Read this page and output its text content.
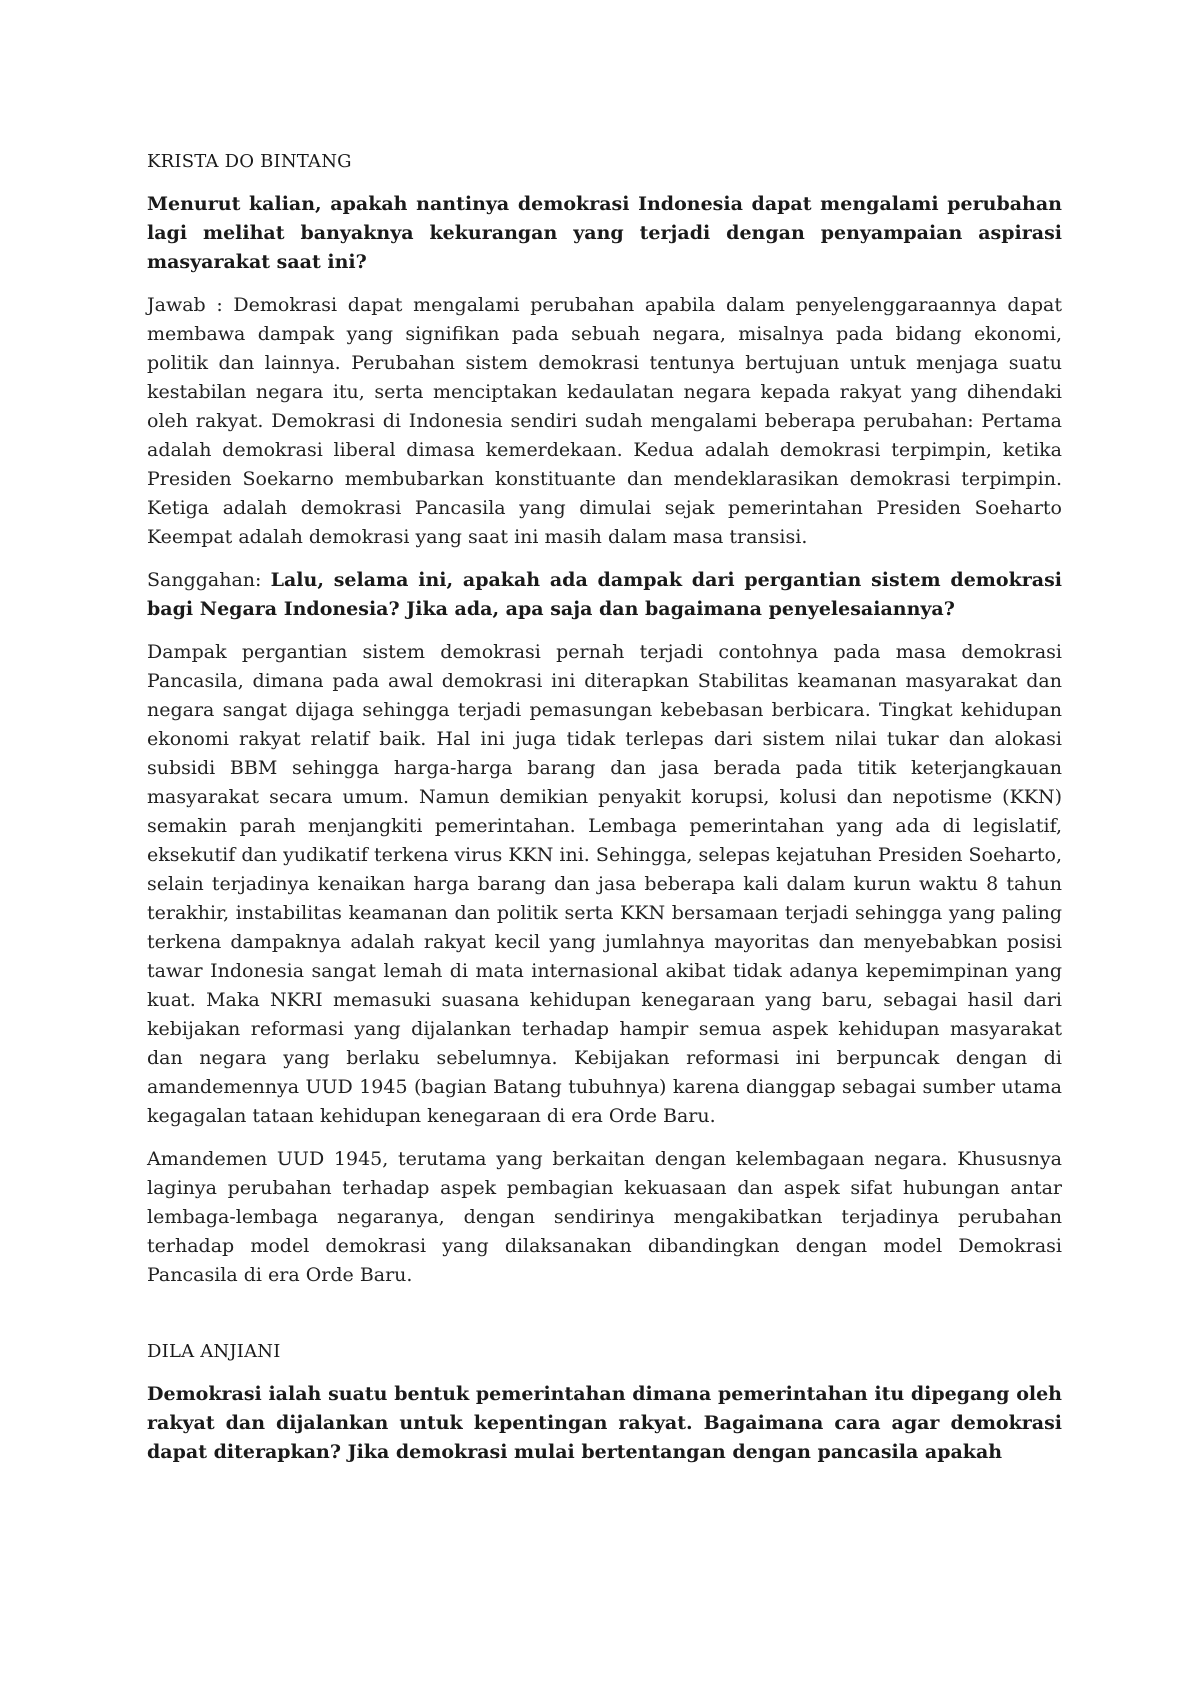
KRISTA DO BINTANG

Menurut kalian, apakah nantinya demokrasi Indonesia dapat mengalami perubahan lagi melihat banyaknya kekurangan yang terjadi dengan penyampaian aspirasi masyarakat saat ini?

Jawab : Demokrasi dapat mengalami perubahan apabila dalam penyelenggaraannya dapat membawa dampak yang signifikan pada sebuah negara, misalnya pada bidang ekonomi, politik dan lainnya. Perubahan sistem demokrasi tentunya bertujuan untuk menjaga suatu kestabilan negara itu, serta menciptakan kedaulatan negara kepada rakyat yang dihendaki oleh rakyat. Demokrasi di Indonesia sendiri sudah mengalami beberapa perubahan: Pertama adalah demokrasi liberal dimasa kemerdekaan. Kedua adalah demokrasi terpimpin, ketika Presiden Soekarno membubarkan konstituante dan mendeklarasikan demokrasi terpimpin. Ketiga adalah demokrasi Pancasila yang dimulai sejak pemerintahan Presiden Soeharto Keempat adalah demokrasi yang saat ini masih dalam masa transisi.

Sanggahan: Lalu, selama ini, apakah ada dampak dari pergantian sistem demokrasi bagi Negara Indonesia? Jika ada, apa saja dan bagaimana penyelesaiannya?

Dampak pergantian sistem demokrasi pernah terjadi contohnya pada masa demokrasi Pancasila, dimana pada awal demokrasi ini diterapkan Stabilitas keamanan masyarakat dan negara sangat dijaga sehingga terjadi pemasungan kebebasan berbicara. Tingkat kehidupan ekonomi rakyat relatif baik. Hal ini juga tidak terlepas dari sistem nilai tukar dan alokasi subsidi BBM sehingga harga-harga barang dan jasa berada pada titik keterjangkauan masyarakat secara umum. Namun demikian penyakit korupsi, kolusi dan nepotisme (KKN) semakin parah menjangkiti pemerintahan. Lembaga pemerintahan yang ada di legislatif, eksekutif dan yudikatif terkena virus KKN ini. Sehingga, selepas kejatuhan Presiden Soeharto, selain terjadinya kenaikan harga barang dan jasa beberapa kali dalam kurun waktu 8 tahun terakhir, instabilitas keamanan dan politik serta KKN bersamaan terjadi sehingga yang paling terkena dampaknya adalah rakyat kecil yang jumlahnya mayoritas dan menyebabkan posisi tawar Indonesia sangat lemah di mata internasional akibat tidak adanya kepemimpinan yang kuat. Maka NKRI memasuki suasana kehidupan kenegaraan yang baru, sebagai hasil dari kebijakan reformasi yang dijalankan terhadap hampir semua aspek kehidupan masyarakat dan negara yang berlaku sebelumnya. Kebijakan reformasi ini berpuncak dengan di amandemennya UUD 1945 (bagian Batang tubuhnya) karena dianggap sebagai sumber utama kegagalan tataan kehidupan kenegaraan di era Orde Baru.

Amandemen UUD 1945, terutama yang berkaitan dengan kelembagaan negara. Khususnya laginya perubahan terhadap aspek pembagian kekuasaan dan aspek sifat hubungan antar lembaga-lembaga negaranya, dengan sendirinya mengakibatkan terjadinya perubahan terhadap model demokrasi yang dilaksanakan dibandingkan dengan model Demokrasi Pancasila di era Orde Baru.

DILA ANJIANI

Demokrasi ialah suatu bentuk pemerintahan dimana pemerintahan itu dipegang oleh rakyat dan dijalankan untuk kepentingan rakyat. Bagaimana cara agar demokrasi dapat diterapkan? Jika demokrasi mulai bertentangan dengan pancasila apakah
